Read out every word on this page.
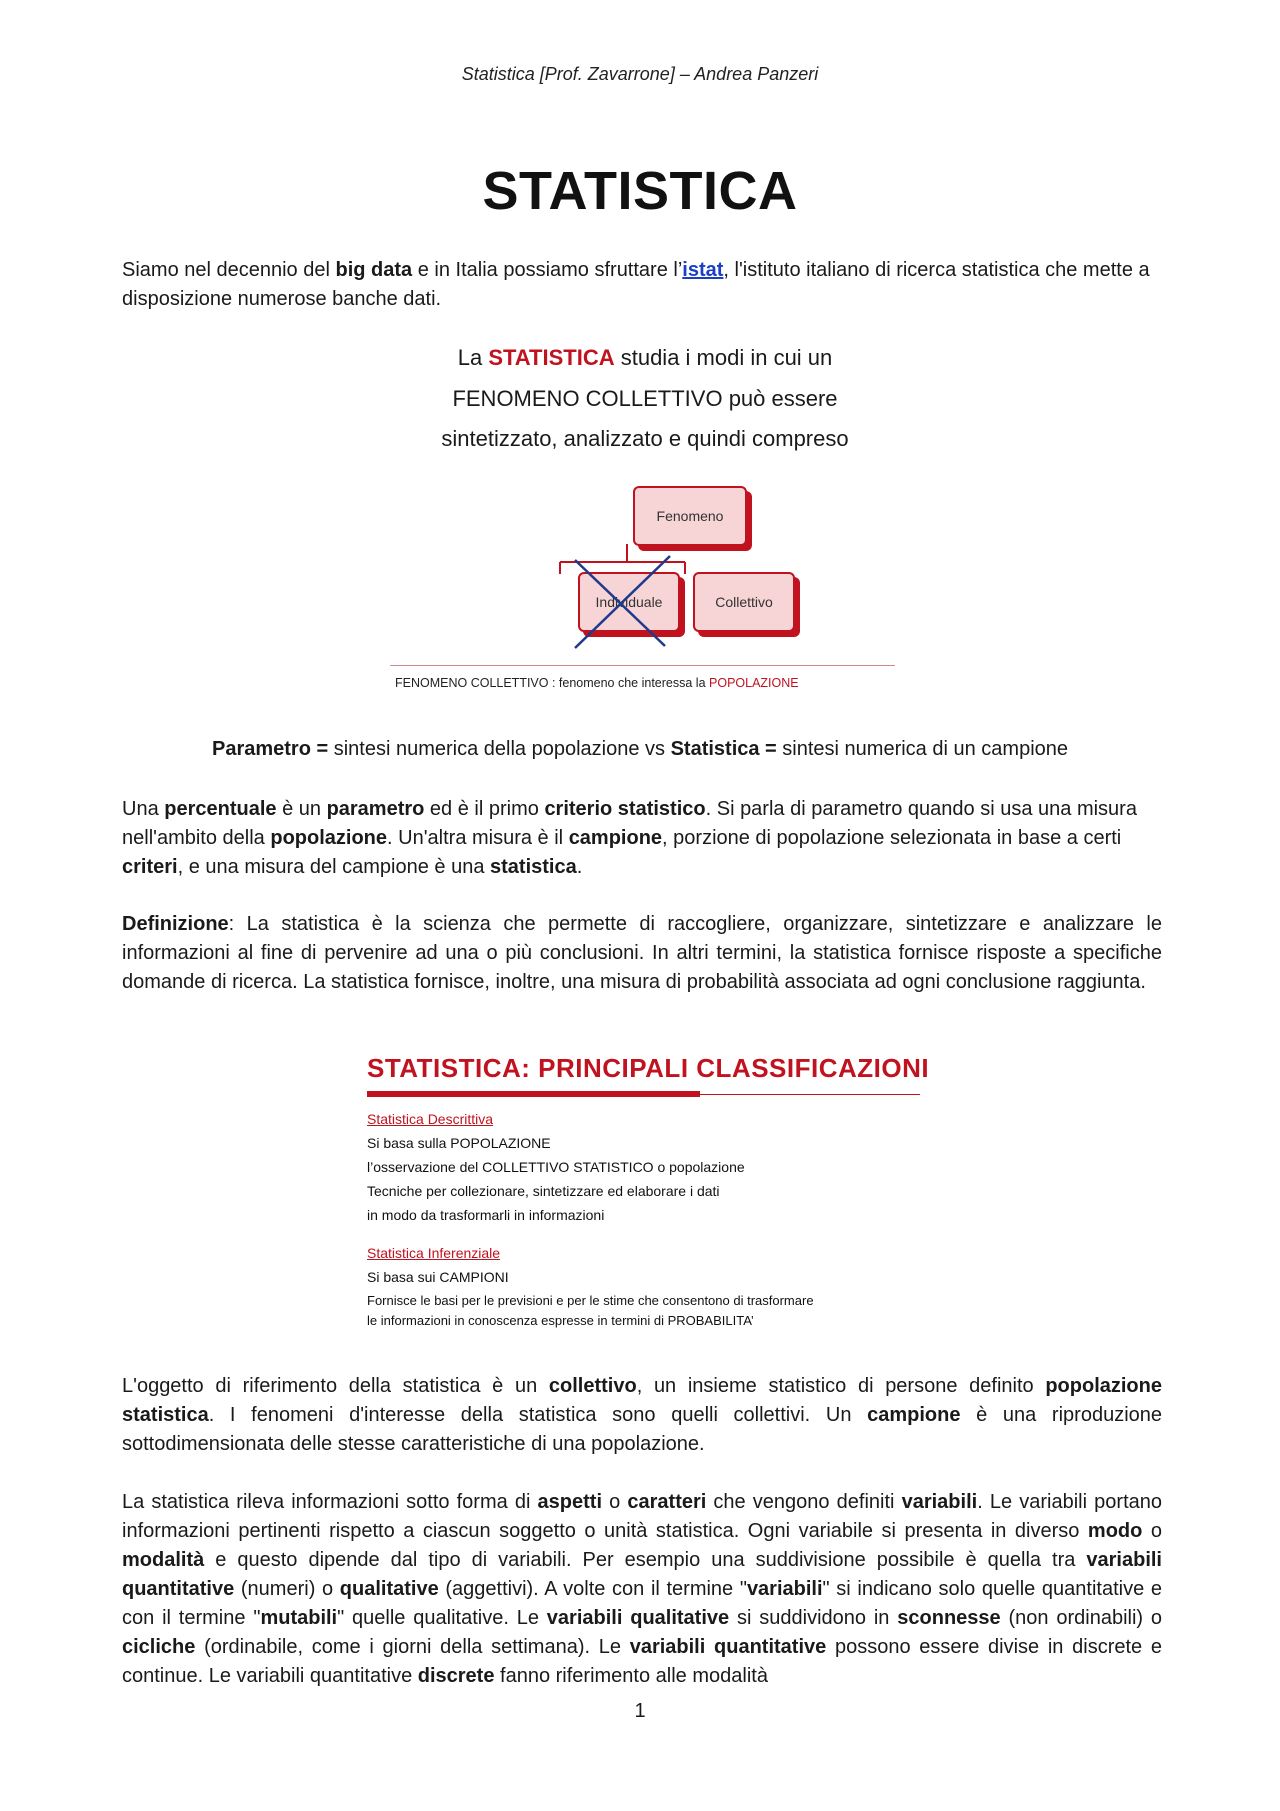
Statistica [Prof. Zavarrone] – Andrea Panzeri
STATISTICA

Siamo nel decennio del big data e in Italia possiamo sfruttare l’istat, l'istituto italiano di ricerca statistica che mette a disposizione numerose banche dati.

La STATISTICA studia i modi in cui un
FENOMENO COLLETTIVO può essere
sintetizzato, analizzato e quindi compreso
Fenomeno
Individuale	Collettivo
FENOMENO COLLETTIVO : fenomeno che interessa la POPOLAZIONE
Parametro = sintesi numerica della popolazione vs Statistica = sintesi numerica di un campione

Una percentuale è un parametro ed è il primo criterio statistico. Si parla di parametro quando si usa una misura nell'ambito della popolazione. Un'altra misura è il campione, porzione di popolazione selezionata in base a certi criteri, e una misura del campione è una statistica.

Definizione: La statistica è la scienza che permette di raccogliere, organizzare, sintetizzare e analizzare le informazioni al fine di pervenire ad una o più conclusioni. In altri termini, la statistica fornisce risposte a specifiche domande di ricerca. La statistica fornisce, inoltre, una misura di probabilità associata ad ogni conclusione raggiunta.

STATISTICA: PRINCIPALI CLASSIFICAZIONI
Statistica Descrittiva
Si basa sulla POPOLAZIONE
l’osservazione del COLLETTIVO STATISTICO o popolazione
Tecniche per collezionare, sintetizzare ed elaborare i dati
in modo da trasformarli in informazioni
Statistica Inferenziale
Si basa sui CAMPIONI
Fornisce le basi per le previsioni e per le stime che consentono di trasformare
le informazioni in conoscenza espresse in termini di PROBABILITA’

L'oggetto di riferimento della statistica è un collettivo, un insieme statistico di persone definito popolazione statistica. I fenomeni d'interesse della statistica sono quelli collettivi. Un campione è una riproduzione sottodimensionata delle stesse caratteristiche di una popolazione.

La statistica rileva informazioni sotto forma di aspetti o caratteri che vengono definiti variabili. Le variabili portano informazioni pertinenti rispetto a ciascun soggetto o unità statistica. Ogni variabile si presenta in diverso modo o modalità e questo dipende dal tipo di variabili. Per esempio una suddivisione possibile è quella tra variabili quantitative (numeri) o qualitative (aggettivi). A volte con il termine "variabili" si indicano solo quelle quantitative e con il termine "mutabili" quelle qualitative. Le variabili qualitative si suddividono in sconnesse (non ordinabili) o cicliche (ordinabile, come i giorni della settimana). Le variabili quantitative possono essere divise in discrete e continue. Le variabili quantitative discrete fanno riferimento alle modalità

1
